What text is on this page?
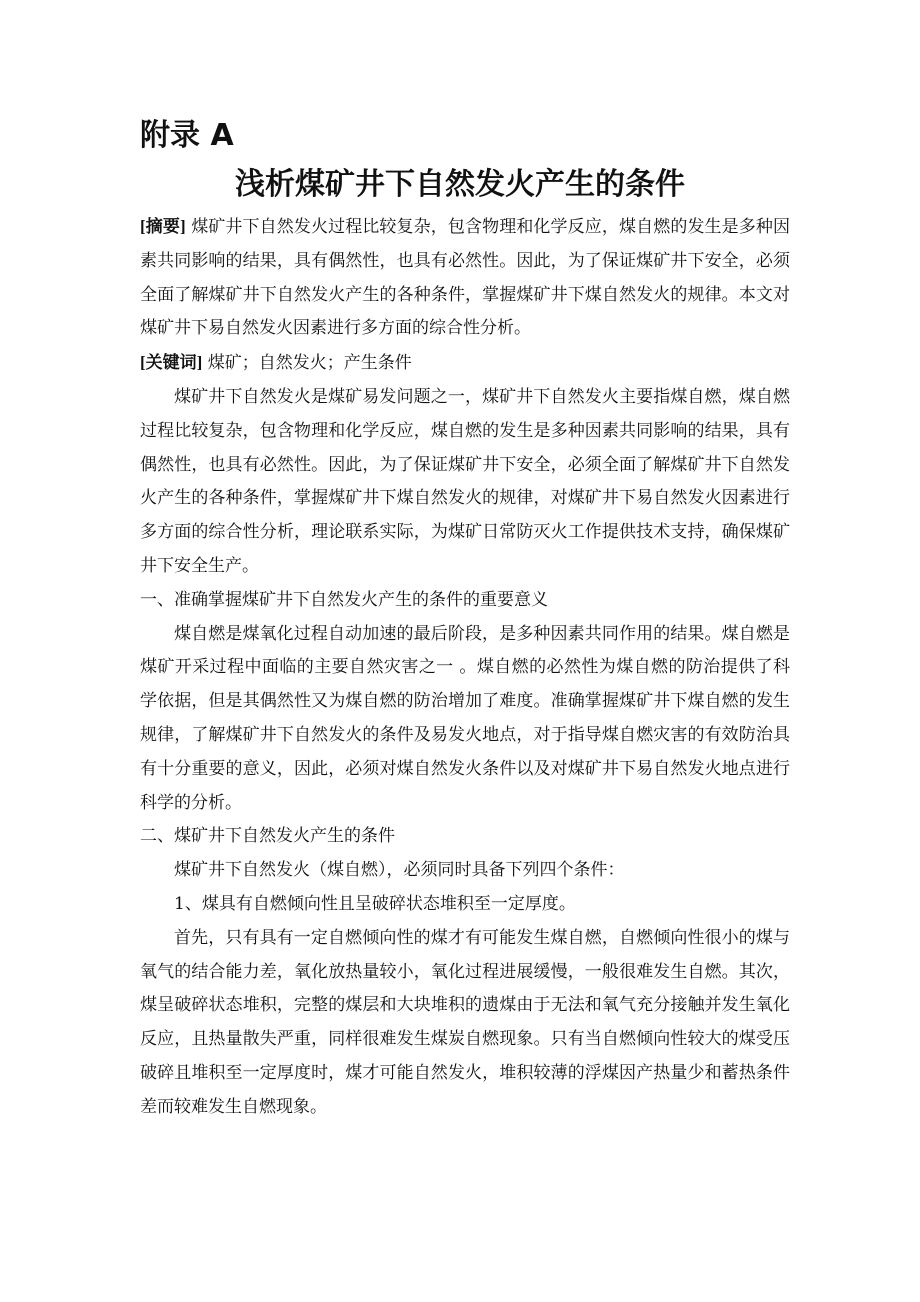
附录 A
浅析煤矿井下自然发火产生的条件

[摘要] 煤矿井下自然发火过程比较复杂，包含物理和化学反应，煤自燃的发生是多种因素共同影响的结果，具有偶然性，也具有必然性。因此，为了保证煤矿井下安全，必须全面了解煤矿井下自然发火产生的各种条件，掌握煤矿井下煤自然发火的规律。本文对煤矿井下易自然发火因素进行多方面的综合性分析。

[关键词] 煤矿；自然发火；产生条件

煤矿井下自然发火是煤矿易发问题之一，煤矿井下自然发火主要指煤自燃，煤自燃过程比较复杂，包含物理和化学反应，煤自燃的发生是多种因素共同影响的结果，具有偶然性，也具有必然性。因此，为了保证煤矿井下安全，必须全面了解煤矿井下自然发火产生的各种条件，掌握煤矿井下煤自然发火的规律，对煤矿井下易自然发火因素进行多方面的综合性分析，理论联系实际，为煤矿日常防灭火工作提供技术支持，确保煤矿井下安全生产。

一、准确掌握煤矿井下自然发火产生的条件的重要意义

煤自燃是煤氧化过程自动加速的最后阶段，是多种因素共同作用的结果。煤自燃是煤矿开采过程中面临的主要自然灾害之一 。煤自燃的必然性为煤自燃的防治提供了科学依据，但是其偶然性又为煤自燃的防治增加了难度。准确掌握煤矿井下煤自燃的发生规律，了解煤矿井下自然发火的条件及易发火地点，对于指导煤自燃灾害的有效防治具有十分重要的意义，因此，必须对煤自然发火条件以及对煤矿井下易自然发火地点进行科学的分析。

二、煤矿井下自然发火产生的条件

煤矿井下自然发火（煤自燃），必须同时具备下列四个条件：

1、煤具有自燃倾向性且呈破碎状态堆积至一定厚度。

首先，只有具有一定自燃倾向性的煤才有可能发生煤自燃，自燃倾向性很小的煤与氧气的结合能力差，氧化放热量较小，氧化过程进展缓慢，一般很难发生自燃。其次，煤呈破碎状态堆积，完整的煤层和大块堆积的遗煤由于无法和氧气充分接触并发生氧化反应，且热量散失严重，同样很难发生煤炭自燃现象。只有当自燃倾向性较大的煤受压破碎且堆积至一定厚度时，煤才可能自然发火，堆积较薄的浮煤因产热量少和蓄热条件差而较难发生自燃现象。
